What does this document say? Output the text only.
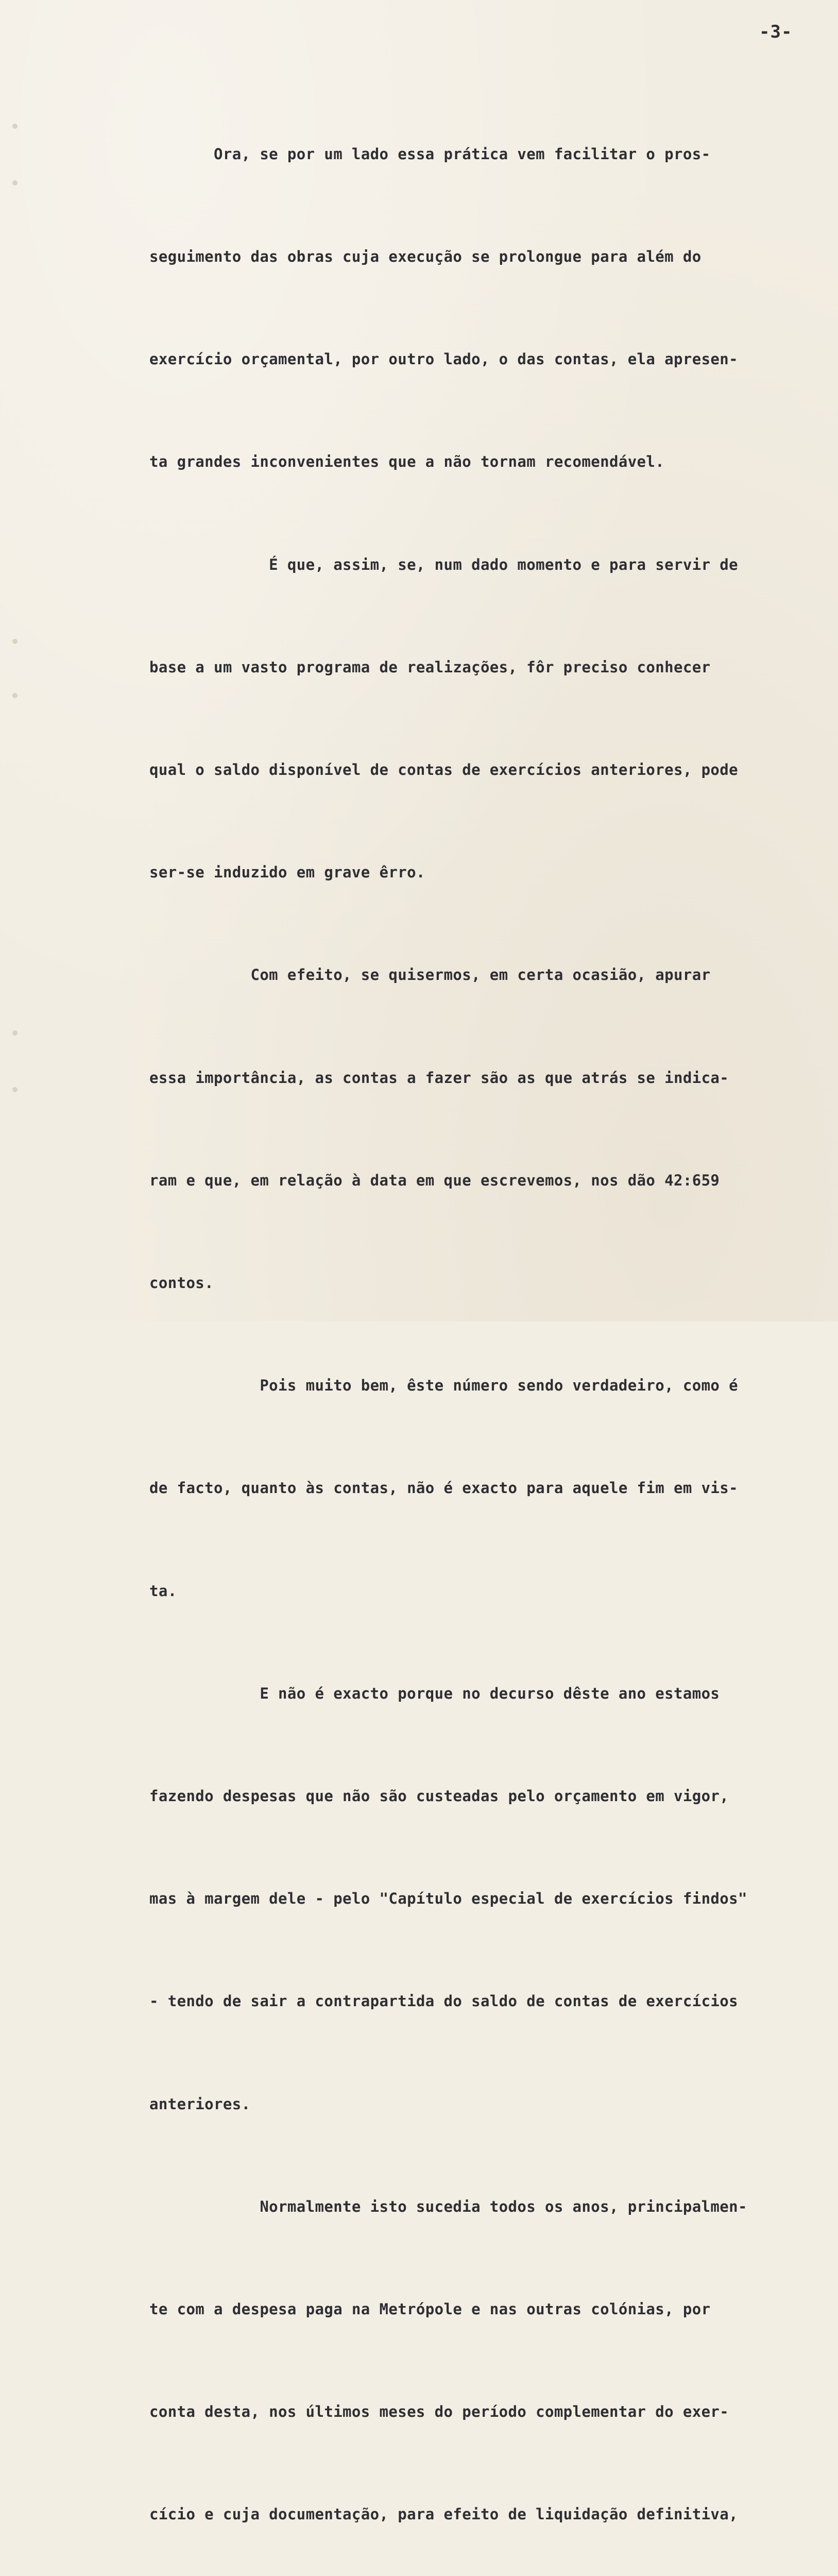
-3-

Ora, se por um lado essa prática vem facilitar o pros-

seguimento das obras cuja execução se prolongue para além do

exercício orçamental, por outro lado, o das contas, ela apresen-

ta grandes inconvenientes que a não tornam recomendável.

É que, assim, se, num dado momento e para servir de

base a um vasto programa de realizações, fôr preciso conhecer

qual o saldo disponível de contas de exercícios anteriores, pode

ser-se induzido em grave êrro.

Com efeito, se quisermos, em certa ocasião, apurar

essa importância, as contas a fazer são as que atrás se indica-

ram e que, em relação à data em que escrevemos, nos dão 42:659

contos.

Pois muito bem, êste número sendo verdadeiro, como é

de facto, quanto às contas, não é exacto para aquele fim em vis-

ta.

E não é exacto porque no decurso dêste ano estamos

fazendo despesas que não são custeadas pelo orçamento em vigor,

mas à margem dele - pelo "Capítulo especial de exercícios findos"

- tendo de sair a contrapartida do saldo de contas de exercícios

anteriores.

Normalmente isto sucedia todos os anos, principalmen-

te com a despesa paga na Metrópole e nas outras colónias, por

conta desta, nos últimos meses do período complementar do exer-

cício e cuja documentação, para efeito de liquidação definitiva,
